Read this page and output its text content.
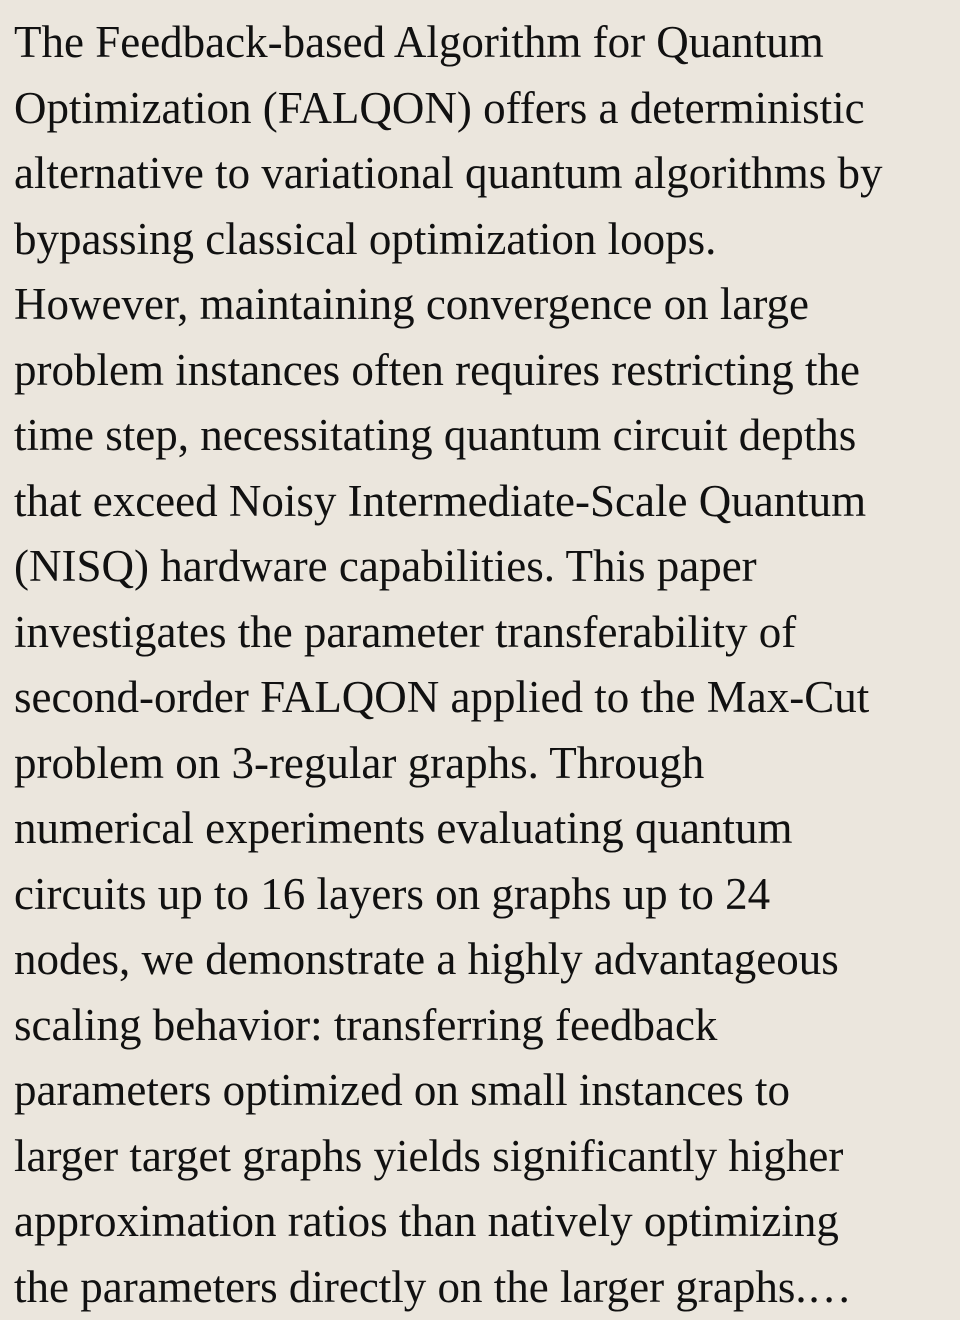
The Feedback-based Algorithm for Quantum
Optimization (FALQON) offers a deterministic
alternative to variational quantum algorithms by
bypassing classical optimization loops.
However, maintaining convergence on large
problem instances often requires restricting the
time step, necessitating quantum circuit depths
that exceed Noisy Intermediate-Scale Quantum
(NISQ) hardware capabilities. This paper
investigates the parameter transferability of
second-order FALQON applied to the Max-Cut
problem on 3-regular graphs. Through
numerical experiments evaluating quantum
circuits up to 16 layers on graphs up to 24
nodes, we demonstrate a highly advantageous
scaling behavior: transferring feedback
parameters optimized on small instances to
larger target graphs yields significantly higher
approximation ratios than natively optimizing
the parameters directly on the larger graphs.…
